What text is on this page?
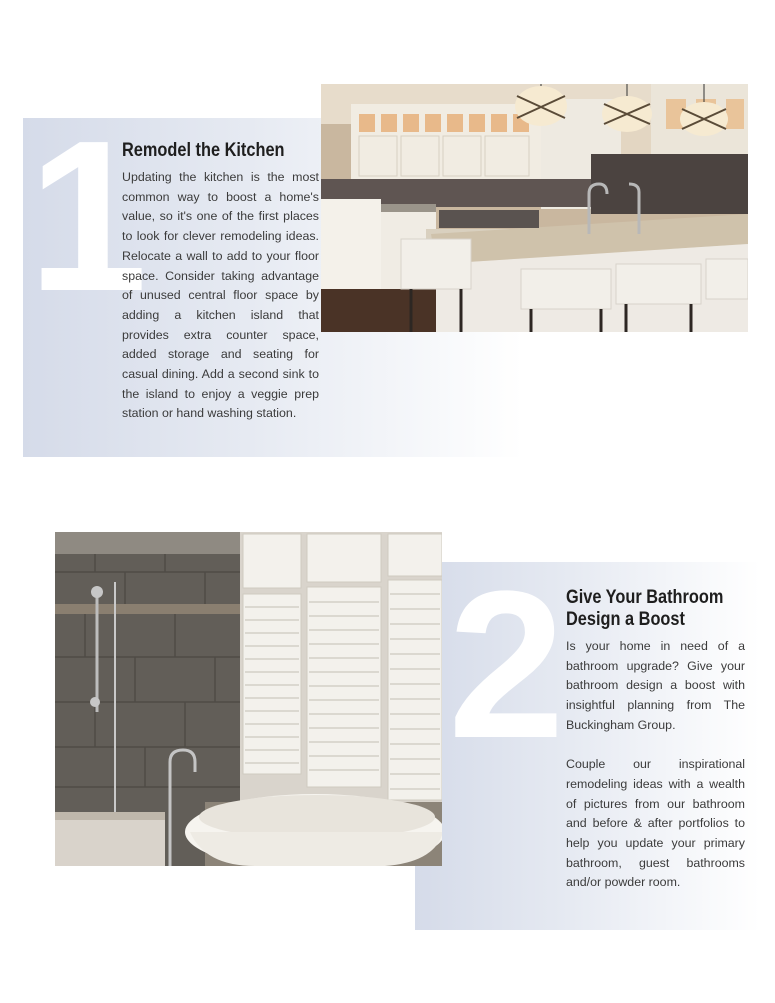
1
Remodel the Kitchen

Updating the kitchen is the most common way to boost a home's value, so it's one of the first places to look for clever remodeling ideas. Relocate a wall to add to your floor space. Consider taking advantage of unused central floor space by adding a kitchen island that provides extra counter space, added storage and seating for casual dining. Add a second sink to the island to enjoy a veggie prep station or hand washing station.

2 Give Your Bathroom
Design a Boost

Is your home in need of a bathroom upgrade? Give your bathroom design a boost with insightful planning from The Buckingham Group.

Couple our inspirational remodeling ideas with a wealth of pictures from our bathroom and before & after portfolios to help you update your primary bathroom, guest bathrooms and/or powder room.
